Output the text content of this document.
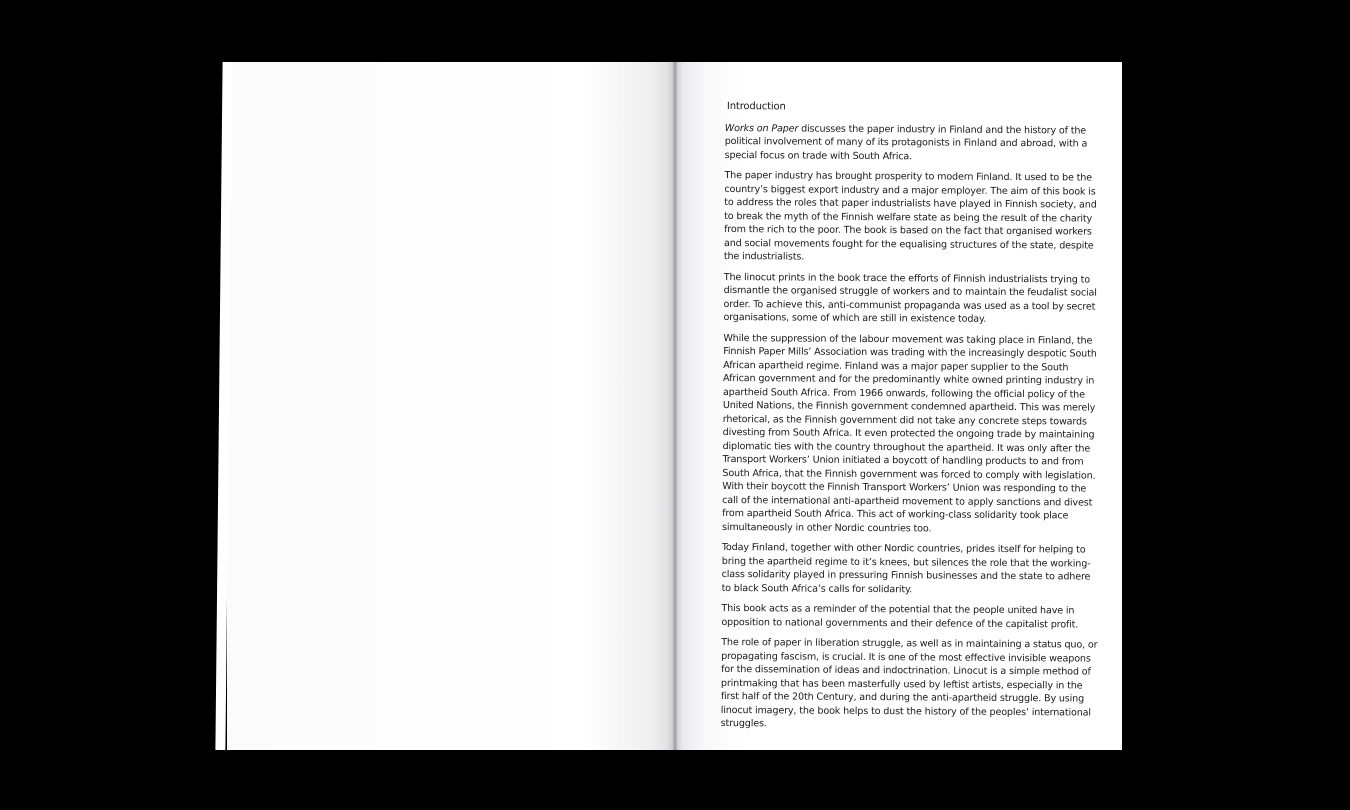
Introduction

Works on Paper discusses the paper industry in Finland and the history of the political involvement of many of its protagonists in Finland and abroad, with a special focus on trade with South Africa.

The paper industry has brought prosperity to modern Finland. It used to be the country’s biggest export industry and a major employer. The aim of this book is to address the roles that paper industrialists have played in Finnish society, and to break the myth of the Finnish welfare state as being the result of the charity from the rich to the poor. The book is based on the fact that organised workers and social movements fought for the equalising structures of the state, despite the industrialists.

The linocut prints in the book trace the efforts of Finnish industrialists trying to dismantle the organised struggle of workers and to maintain the feudalist social order. To achieve this, anti-communist propaganda was used as a tool by secret organisations, some of which are still in existence today.

While the suppression of the labour movement was taking place in Finland, the Finnish Paper Mills’ Association was trading with the increasingly despotic South African apartheid regime. Finland was a major paper supplier to the South African government and for the predominantly white owned printing industry in apartheid South Africa. From 1966 onwards, following the official policy of the United Nations, the Finnish government condemned apartheid. This was merely rhetorical, as the Finnish government did not take any concrete steps towards divesting from South Africa. It even protected the ongoing trade by maintaining diplomatic ties with the country throughout the apartheid. It was only after the Transport Workers’ Union initiated a boycott of handling products to and from South Africa, that the Finnish government was forced to comply with legislation. With their boycott the Finnish Transport Workers’ Union was responding to the call of the international anti-apartheid movement to apply sanctions and divest from apartheid South Africa. This act of working-class solidarity took place simultaneously in other Nordic countries too.

Today Finland, together with other Nordic countries, prides itself for helping to bring the apartheid regime to it’s knees, but silences the role that the working-class solidarity played in pressuring Finnish businesses and the state to adhere to black South Africa’s calls for solidarity.

This book acts as a reminder of the potential that the people united have in opposition to national governments and their defence of the capitalist profit.

The role of paper in liberation struggle, as well as in maintaining a status quo, or propagating fascism, is crucial. It is one of the most effective invisible weapons for the dissemination of ideas and indoctrination. Linocut is a simple method of printmaking that has been masterfully used by leftist artists, especially in the first half of the 20th Century, and during the anti-apartheid struggle. By using linocut imagery, the book helps to dust the history of the peoples’ international struggles.
